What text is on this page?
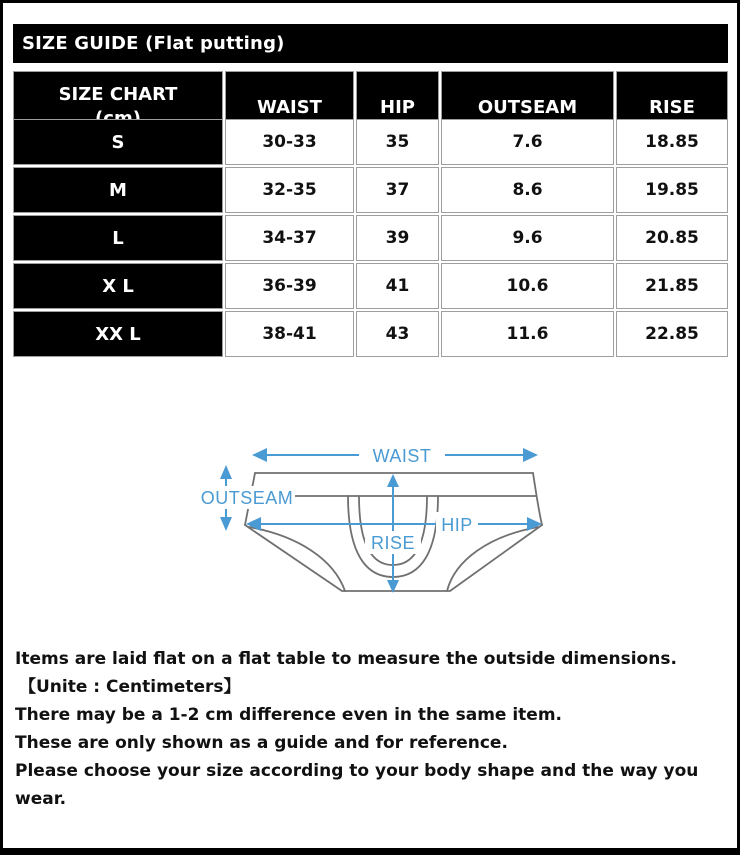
SIZE GUIDE (Flat putting)
SIZE CHART
WAIST	HIP	OUTSEAM	RISE
S	30-33	35	7.6	18.85
M	32-35	37	8.6	19.85
L	34-37	39	9.6	20.85
X L	36-39	41	10.6	21.85
XX L	38-41	43	11.6	22.85
WAIST
OUTSEAM
HIP
RISE
Items are laid flat on a flat table to measure the outside dimensions.
【Unite : Centimeters】
There may be a 1-2 cm difference even in the same item.
These are only shown as a guide and for reference.
Please choose your size according to your body shape and the way you wear.
